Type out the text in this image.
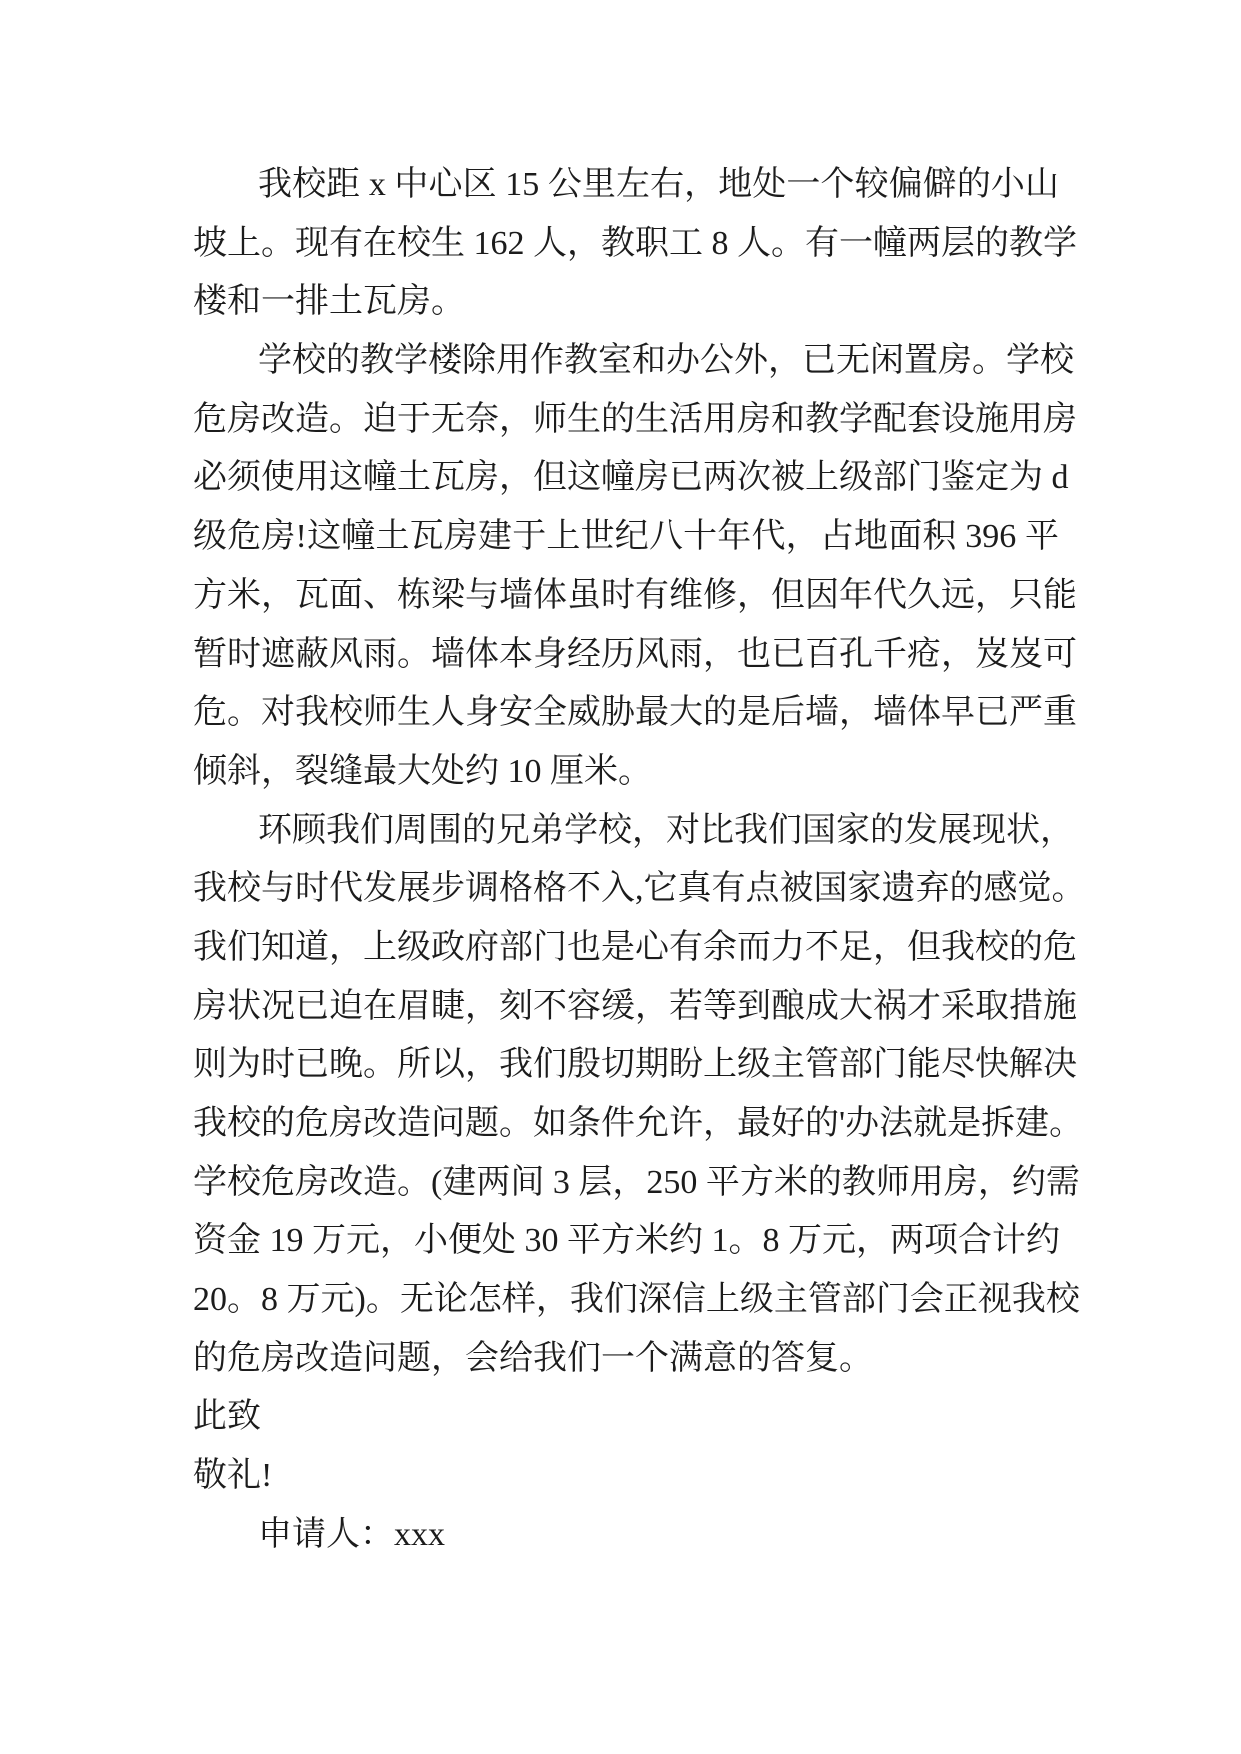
我校距 x 中心区 15 公里左右，地处一个较偏僻的小山
坡上。现有在校生 162 人，教职工 8 人。有一幢两层的教学
楼和一排土瓦房。
学校的教学楼除用作教室和办公外，已无闲置房。学校
危房改造。迫于无奈，师生的生活用房和教学配套设施用房
必须使用这幢土瓦房，但这幢房已两次被上级部门鉴定为 d
级危房!这幢土瓦房建于上世纪八十年代，占地面积 396 平
方米，瓦面、栋梁与墙体虽时有维修，但因年代久远，只能
暂时遮蔽风雨。墙体本身经历风雨，也已百孔千疮，岌岌可
危。对我校师生人身安全威胁最大的是后墙，墙体早已严重
倾斜，裂缝最大处约 10 厘米。
环顾我们周围的兄弟学校，对比我们国家的发展现状，
我校与时代发展步调格格不入,它真有点被国家遗弃的感觉。
我们知道，上级政府部门也是心有余而力不足，但我校的危
房状况已迫在眉睫，刻不容缓，若等到酿成大祸才采取措施
则为时已晚。所以，我们殷切期盼上级主管部门能尽快解决
我校的危房改造问题。如条件允许，最好的'办法就是拆建。
学校危房改造。(建两间 3 层，250 平方米的教师用房，约需
资金 19 万元，小便处 30 平方米约 1。8 万元，两项合计约
20。8 万元)。无论怎样，我们深信上级主管部门会正视我校
的危房改造问题，会给我们一个满意的答复。
此致
敬礼!
申请人：xxx
